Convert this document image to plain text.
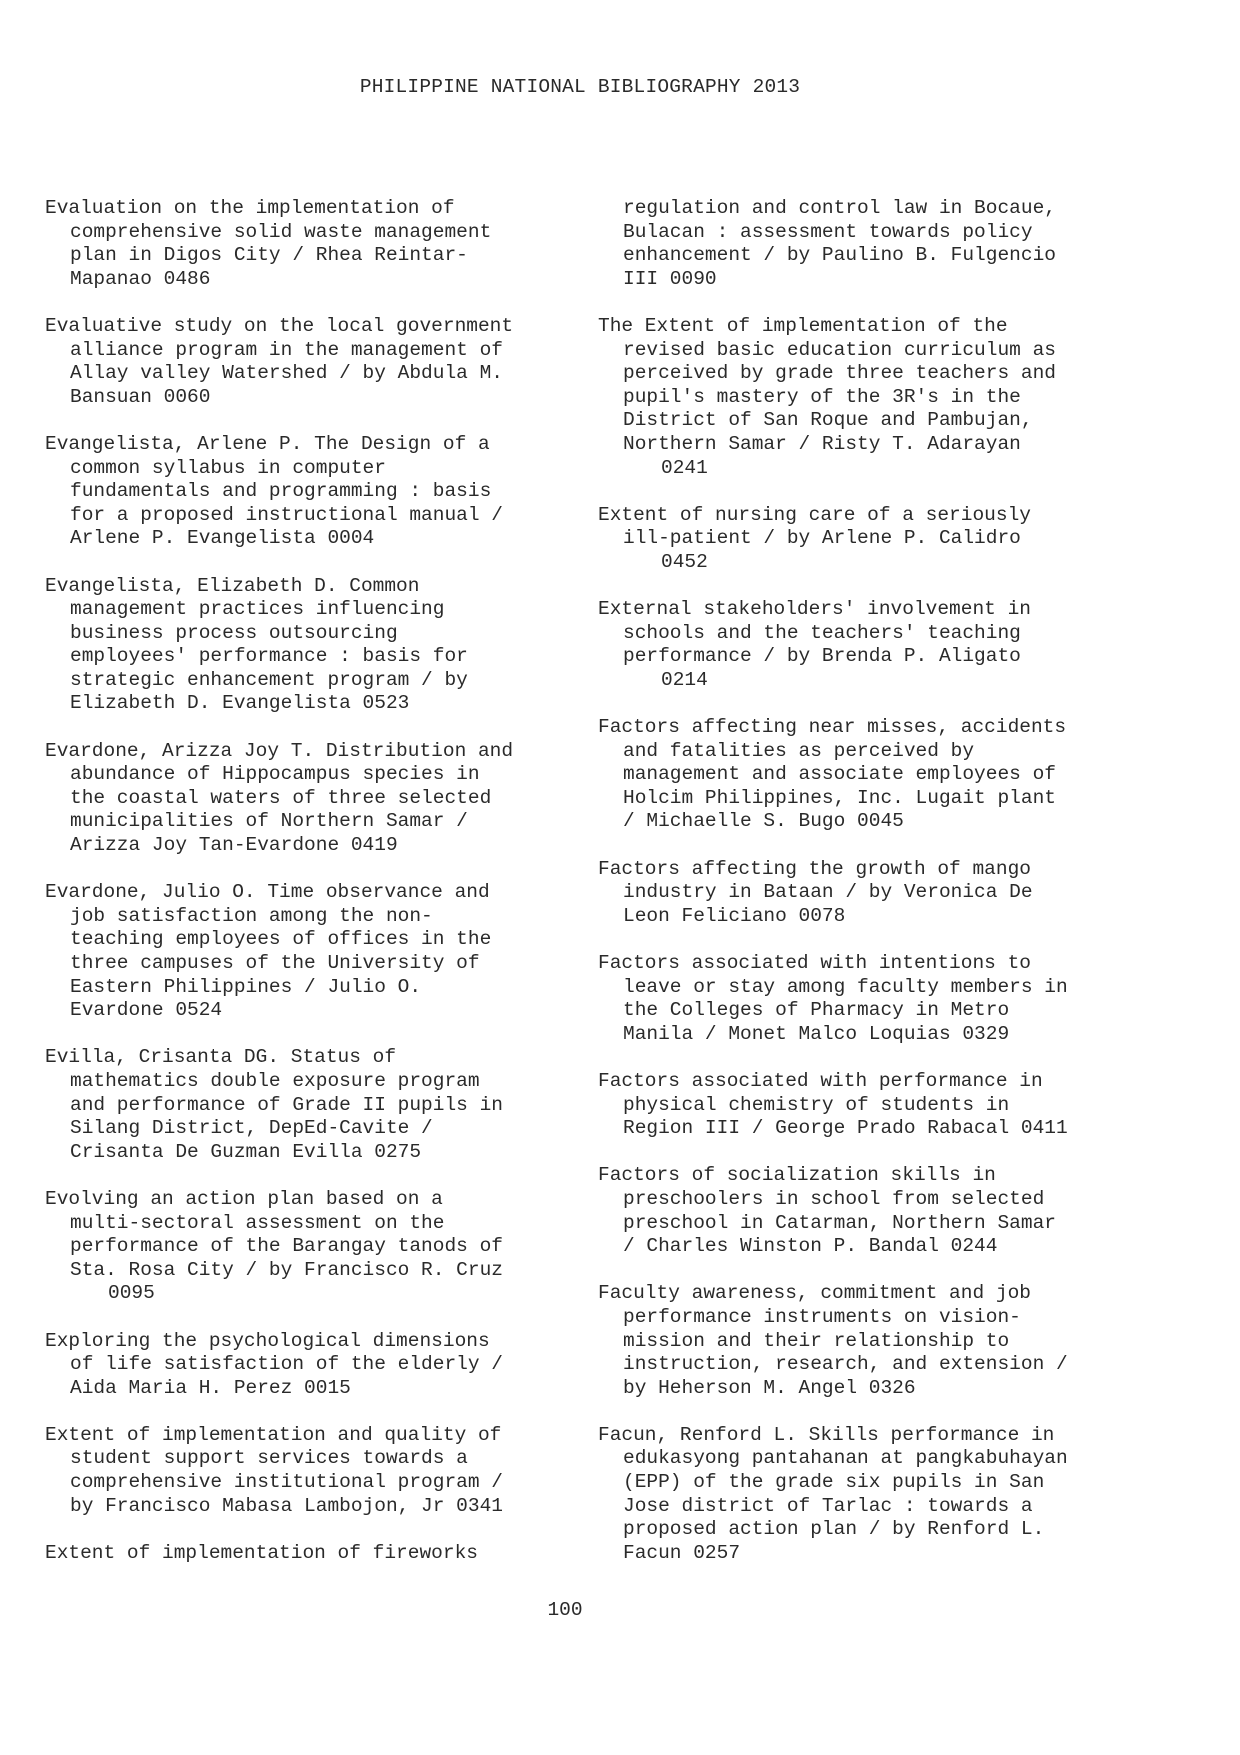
PHILIPPINE NATIONAL BIBLIOGRAPHY 2013
Evaluation on the implementation of
comprehensive solid waste management
plan in Digos City / Rhea Reintar-
Mapanao 0486
Evaluative study on the local government
alliance program in the management of
Allay valley Watershed / by Abdula M.
Bansuan 0060
Evangelista, Arlene P. The Design of a
common syllabus in computer
fundamentals and programming : basis
for a proposed instructional manual /
Arlene P. Evangelista 0004
Evangelista, Elizabeth D. Common
management practices influencing
business process outsourcing
employees' performance : basis for
strategic enhancement program / by
Elizabeth D. Evangelista 0523
Evardone, Arizza Joy T. Distribution and
abundance of Hippocampus species in
the coastal waters of three selected
municipalities of Northern Samar /
Arizza Joy Tan-Evardone 0419
Evardone, Julio O. Time observance and
job satisfaction among the non-
teaching employees of offices in the
three campuses of the University of
Eastern Philippines / Julio O.
Evardone 0524
Evilla, Crisanta DG. Status of
mathematics double exposure program
and performance of Grade II pupils in
Silang District, DepEd-Cavite /
Crisanta De Guzman Evilla 0275
Evolving an action plan based on a
multi-sectoral assessment on the
performance of the Barangay tanods of
Sta. Rosa City / by Francisco R. Cruz
0095
Exploring the psychological dimensions
of life satisfaction of the elderly /
Aida Maria H. Perez 0015
Extent of implementation and quality of
student support services towards a
comprehensive institutional program /
by Francisco Mabasa Lambojon, Jr 0341
Extent of implementation of fireworks
regulation and control law in Bocaue,
Bulacan : assessment towards policy
enhancement / by Paulino B. Fulgencio
III 0090
The Extent of implementation of the
revised basic education curriculum as
perceived by grade three teachers and
pupil's mastery of the 3R's in the
District of San Roque and Pambujan,
Northern Samar / Risty T. Adarayan
0241
Extent of nursing care of a seriously
ill-patient / by Arlene P. Calidro
0452
External stakeholders' involvement in
schools and the teachers' teaching
performance / by Brenda P. Aligato
0214
Factors affecting near misses, accidents
and fatalities as perceived by
management and associate employees of
Holcim Philippines, Inc. Lugait plant
/ Michaelle S. Bugo 0045
Factors affecting the growth of mango
industry in Bataan / by Veronica De
Leon Feliciano 0078
Factors associated with intentions to
leave or stay among faculty members in
the Colleges of Pharmacy in Metro
Manila / Monet Malco Loquias 0329
Factors associated with performance in
physical chemistry of students in
Region III / George Prado Rabacal 0411
Factors of socialization skills in
preschoolers in school from selected
preschool in Catarman, Northern Samar
/ Charles Winston P. Bandal 0244
Faculty awareness, commitment and job
performance instruments on vision-
mission and their relationship to
instruction, research, and extension /
by Heherson M. Angel 0326
Facun, Renford L. Skills performance in
edukasyong pantahanan at pangkabuhayan
(EPP) of the grade six pupils in San
Jose district of Tarlac : towards a
proposed action plan / by Renford L.
Facun 0257
100
